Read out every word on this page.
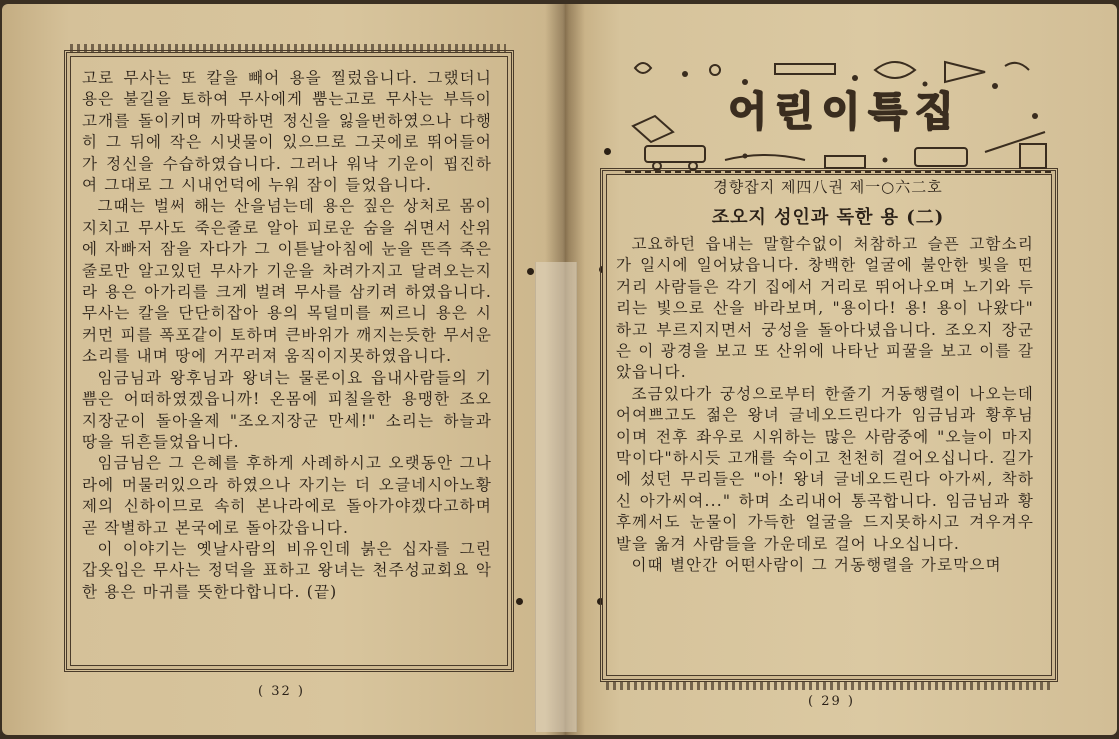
고로 무사는 또 칼을 빼어 용을 찔렀읍니다. 그랬더니 용은 불길을 토하여 무사에게 뿜는고로 무사는 부득이 고개를 돌이키며 까딱하면 정신을 잃을번하였으나 다행히 그 뒤에 작은 시냇물이 있으므로 그곳에로 뛰어들어가 정신을 수습하였습니다. 그러나 워낙 기운이 핍진하여 그대로 그 시내언덕에 누워 잠이 들었읍니다.

그때는 벌써 해는 산을넘는데 용은 짚은 상처로 몸이 지치고 무사도 죽은줄로 알아 피로운 숨을 쉬면서 산위에 자빠저 잠을 자다가 그 이튿날아침에 눈을 뜬즉 죽은 줄로만 알고있던 무사가 기운을 차려가지고 달려오는지라 용은 아가리를 크게 벌려 무사를 삼키려 하였읍니다. 무사는 칼을 단단히잡아 용의 목덜미를 찌르니 용은 시커먼 피를 폭포같이 토하며 큰바위가 깨지는듯한 무서운 소리를 내며 땅에 거꾸러져 움직이지못하였읍니다.

임금님과 왕후님과 왕녀는 물론이요 읍내사람들의 기쁨은 어떠하였겠읍니까! 온몸에 피칠을한 용맹한 조오지장군이 돌아올제 "조오지장군 만세!" 소리는 하늘과 땅을 뒤흔들었읍니다.

임금님은 그 은혜를 후하게 사례하시고 오랫동안 그나라에 머물러있으라 하였으나 자기는 더 오글네시아노황제의 신하이므로 속히 본나라에로 돌아가야겠다고하며 곧 작별하고 본국에로 돌아갔읍니다.

이 이야기는 옛날사람의 비유인데 붉은 십자를 그린 갑옷입은 무사는 정덕을 표하고 왕녀는 천주성교회요 악한 용은 마귀를 뜻한다합니다. (끝)

( 32 )
어린이특집
경향잡지 제四八권 제一○六二호
조오지 성인과 독한 용 (二)

고요하던 읍내는 말할수없이 처참하고 슬픈 고함소리가 일시에 일어났읍니다. 창백한 얼굴에 불안한 빛을 띤 거리 사람들은 각기 집에서 거리로 뛰어나오며 노기와 두리는 빛으로 산을 바라보며, "용이다! 용! 용이 나왔다" 하고 부르지지면서 궁성을 돌아다녔읍니다. 조오지 장군은 이 광경을 보고 또 산위에 나타난 피꿀을 보고 이를 갈았읍니다.

조금있다가 궁성으로부터 한줄기 거동행렬이 나오는데 어여쁘고도 젊은 왕녀 글네오드린다가 임금님과 황후님이며 전후 좌우로 시위하는 많은 사람중에 "오늘이 마지막이다"하시듯 고개를 숙이고 천천히 걸어오십니다. 길가에 섰던 무리들은 "아! 왕녀 글네오드린다 아가씨, 착하신 아가씨여..." 하며 소리내어 통곡합니다. 임금님과 황후께서도 눈물이 가득한 얼굴을 드지못하시고 겨우겨우 발을 옮겨 사람들을 가운데로 걸어 나오십니다.

이때 별안간 어떤사람이 그 거동행렬을 가로막으며

( 29 )
